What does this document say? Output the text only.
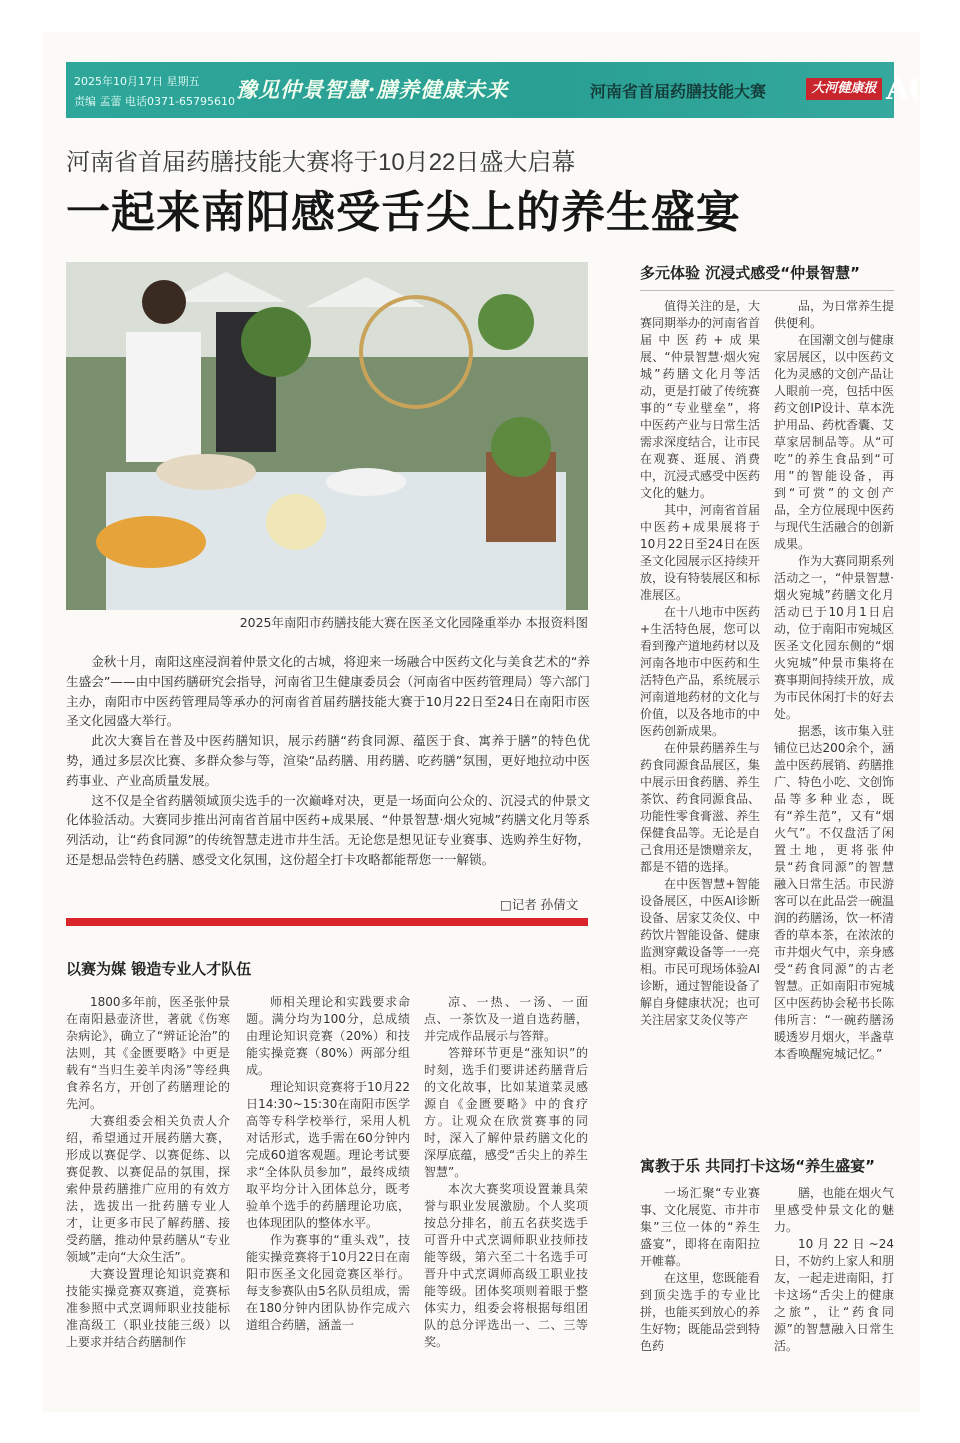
2025年10月17日 星期五
责编 孟蕾 电话0371-65795610 豫见仲景智慧·膳养健康未来	河南省首届药膳技能大赛	大河健康报 A03
河南省首届药膳技能大赛将于10月22日盛大启幕
一起来南阳感受舌尖上的养生盛宴
2025年南阳市药膳技能大赛在医圣文化园隆重举办 本报资料图

金秋十月，南阳这座浸润着仲景文化的古城，将迎来一场融合中医药文化与美食艺术的“养生盛会”——由中国药膳研究会指导，河南省卫生健康委员会（河南省中医药管理局）等六部门主办，南阳市中医药管理局等承办的河南省首届药膳技能大赛于10月22日至24日在南阳市医圣文化园盛大举行。

此次大赛旨在普及中医药膳知识，展示药膳“药食同源、蕴医于食、寓养于膳”的特色优势，通过多层次比赛、多群众参与等，渲染“品药膳、用药膳、吃药膳”氛围，更好地拉动中医药事业、产业高质量发展。

这不仅是全省药膳领域顶尖选手的一次巅峰对决，更是一场面向公众的、沉浸式的仲景文化体验活动。大赛同步推出河南省首届中医药+成果展、“仲景智慧·烟火宛城”药膳文化月等系列活动，让“药食同源”的传统智慧走进市井生活。无论您是想见证专业赛事、选购养生好物，还是想品尝特色药膳、感受文化氛围，这份超全打卡攻略都能帮您一一解锁。

□记者 孙倩文
以赛为媒 锻造专业人才队伍

1800多年前，医圣张仲景在南阳悬壶济世，著就《伤寒杂病论》，确立了“辨证论治”的法则，其《金匮要略》中更是载有“当归生姜羊肉汤”等经典食养名方，开创了药膳理论的先河。

大赛组委会相关负责人介绍，希望通过开展药膳大赛，形成以赛促学、以赛促练、以赛促教、以赛促品的氛围，探索仲景药膳推广应用的有效方法，选拔出一批药膳专业人才，让更多市民了解药膳、接受药膳，推动仲景药膳从“专业领域”走向“大众生活”。

大赛设置理论知识竞赛和技能实操竞赛双赛道，竞赛标准参照中式烹调师职业技能标准高级工（职业技能三级）以上要求并结合药膳制作

师相关理论和实践要求命题。满分均为100分，总成绩由理论知识竞赛（20%）和技能实操竞赛（80%）两部分组成。

理论知识竞赛将于10月22日14:30~15:30在南阳市医学高等专科学校举行，采用人机对话形式，选手需在60分钟内完成60道客观题。理论考试要求“全体队员参加”，最终成绩取平均分计入团体总分，既考验单个选手的药膳理论功底，也体现团队的整体水平。

作为赛事的“重头戏”，技能实操竞赛将于10月22日在南阳市医圣文化园竞赛区举行。每支参赛队由5名队员组成，需在180分钟内团队协作完成六道组合药膳，涵盖一

凉、一热、一汤、一面点、一茶饮及一道自选药膳，并完成作品展示与答辩。

答辩环节更是“涨知识”的时刻，选手们要讲述药膳背后的文化故事，比如某道菜灵感源自《金匮要略》中的食疗方。让观众在欣赏赛事的同时，深入了解仲景药膳文化的深厚底蕴，感受“舌尖上的养生智慧”。

本次大赛奖项设置兼具荣誉与职业发展激励。个人奖项按总分排名，前五名获奖选手可晋升中式烹调师职业技师技能等级，第六至二十名选手可晋升中式烹调师高级工职业技能等级。团体奖项则着眼于整体实力，组委会将根据每组团队的总分评选出一、二、三等奖。

多元体验 沉浸式感受“仲景智慧”

值得关注的是，大赛同期举办的河南省首届中医药+成果展、“仲景智慧·烟火宛城”药膳文化月等活动，更是打破了传统赛事的“专业壁垒”，将中医药产业与日常生活需求深度结合，让市民在观赛、逛展、消费中，沉浸式感受中医药文化的魅力。

其中，河南省首届中医药+成果展将于10月22日至24日在医圣文化园展示区持续开放，设有特装展区和标准展区。

在十八地市中医药+生活特色展，您可以看到豫产道地药材以及河南各地市中医药和生活特色产品，系统展示河南道地药材的文化与价值，以及各地市的中医药创新成果。

在仲景药膳养生与药食同源食品展区，集中展示田食药膳、养生茶饮、药食同源食品、功能性零食膏滋、养生保健食品等。无论是自己食用还是馈赠亲友，都是不错的选择。

在中医智慧+智能设备展区，中医AI诊断设备、居家艾灸仪、中药饮片智能设备、健康监测穿戴设备等一一亮相。市民可现场体验AI诊断，通过智能设备了解自身健康状况；也可关注居家艾灸仪等产

品，为日常养生提供便利。

在国潮文创与健康家居展区，以中医药文化为灵感的文创产品让人眼前一亮，包括中医药文创IP设计、草本洗护用品、药枕香囊、艾草家居制品等。从“可吃”的养生食品到“可用”的智能设备，再到“可赏”的文创产品，全方位展现中医药与现代生活融合的创新成果。

作为大赛同期系列活动之一，“仲景智慧·烟火宛城”药膳文化月活动已于10月1日启动，位于南阳市宛城区医圣文化园东侧的“烟火宛城”仲景市集将在赛事期间持续开放，成为市民休闲打卡的好去处。

据悉，该市集入驻铺位已达200余个，涵盖中医药展销、药膳推广、特色小吃、文创饰品等多种业态，既有“养生范”，又有“烟火气”。不仅盘活了闲置土地，更将张仲景“药食同源”的智慧融入日常生活。市民游客可以在此品尝一碗温润的药膳汤，饮一杯清香的草本茶，在浓浓的市井烟火气中，亲身感受“药食同源”的古老智慧。正如南阳市宛城区中医药协会秘书长陈伟所言：“一碗药膳汤暖透岁月烟火，半盏草本香唤醒宛城记忆。”

寓教于乐 共同打卡这场“养生盛宴”

一场汇聚“专业赛事、文化展览、市井市集”三位一体的“养生盛宴”，即将在南阳拉开帷幕。

在这里，您既能看到顶尖选手的专业比拼，也能买到放心的养生好物；既能品尝到特色药

膳，也能在烟火气里感受仲景文化的魅力。

10月22日~24日，不妨约上家人和朋友，一起走进南阳，打卡这场“舌尖上的健康之旅”，让“药食同源”的智慧融入日常生活。
